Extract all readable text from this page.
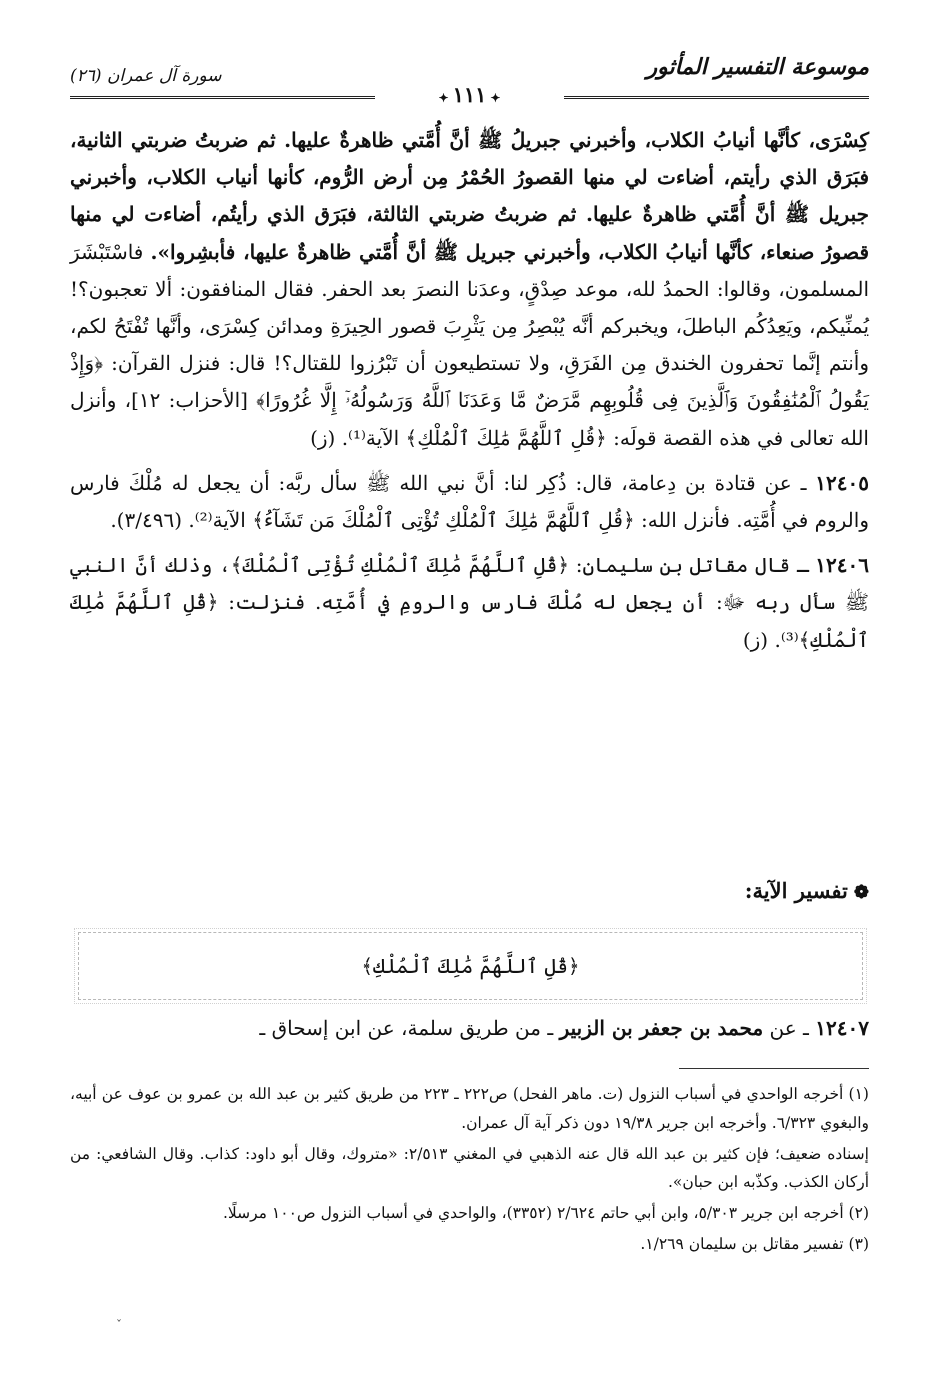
موسوعة التفسير المأثور
سورة آل عمران (٢٦)
✦١١١✦

كِسْرَى، كأنَّها أنيابُ الكلاب، وأخبرني جبريلُ ﷺ أنَّ أُمَّتي ظاهرةٌ عليها. ثم ضربتُ ضربتي الثانية، فبَرَق الذي رأيتم، أضاءت لي منها القصورُ الحُمْرُ مِن أرض الرُّوم، كأنها أنياب الكلاب، وأخبرني جبريل ﷺ أنَّ أُمَّتي ظاهرةٌ عليها. ثم ضربتُ ضربتي الثالثة، فبَرَق الذي رأيتُم، أضاءت لي منها قصورُ صنعاء، كأنَّها أنيابُ الكلاب، وأخبرني جبريل ﷺ أنَّ أُمَّتي ظاهرةٌ عليها، فأبشِروا». فاسْتَبْشَرَ المسلمون، وقالوا: الحمدُ لله، موعد صِدْقٍ، وعدَنا النصرَ بعد الحفر. فقال المنافقون: ألا تعجبون؟! يُمنِّيكم، ويَعِدُكُم الباطلَ، ويخبركم أنَّه يُبْصِرُ مِن يَثْرِبَ قصور الحِيرَةِ ومدائن كِسْرَى، وأنَّها تُفْتَحُ لكم، وأنتم إنَّما تحفرون الخندق مِن الفَرَقِ، ولا تستطيعون أن تَبْرُزوا للقتال؟! قال: فنزل القرآن: ﴿وَإِذْ يَقُولُ ٱلْمُنَٰفِقُونَ وَٱلَّذِينَ فِى قُلُوبِهِم مَّرَضٌ مَّا وَعَدَنَا ٱللَّهُ وَرَسُولُهُۥٓ إِلَّا غُرُورًا﴾ [الأحزاب: ١٢]، وأنزل الله تعالى في هذه القصة قولَه: ﴿قُلِ ٱللَّهُمَّ مَٰلِكَ ٱلْمُلْكِ﴾ الآية⁽¹⁾. (ز)

١٢٤٠٥ ـ عن قتادة بن دِعامة، قال: ذُكِر لنا: أنَّ نبي الله ﷺ سأل ربَّه: أن يجعل له مُلْكَ فارس والروم في أُمَّتِه. فأنزل الله: ﴿قُلِ ٱللَّهُمَّ مَٰلِكَ ٱلْمُلْكِ تُؤْتِى ٱلْمُلْكَ مَن تَشَآءُ﴾ الآية⁽²⁾. (٣/٤٩٦).

١٢٤٠٦ ـ قال مقاتل بن سليمان: ﴿قُلِ ٱللَّهُمَّ مَٰلِكَ ٱلْمُلْكِ تُؤْتِى ٱلْمُلْكَ﴾، وذلك أنَّ النبي ﷺ سأل ربه ﷻ: أن يجعل له مُلْكَ فارس والرومِ في أُمَّتِه. فنزلت: ﴿قُلِ ٱللَّهُمَّ مَٰلِكَ ٱلْمُلْكِ﴾⁽³⁾. (ز)

❁تفسير الآية:
﴿قُلِ ٱللَّهُمَّ مَٰلِكَ ٱلْمُلْكِ﴾
١٢٤٠٧ ـ عن محمد بن جعفر بن الزبير ـ من طريق سلمة، عن ابن إسحاق ـ

(١) أخرجه الواحدي في أسباب النزول (ت. ماهر الفحل) ص٢٢٢ ـ ٢٢٣ من طريق كثير بن عبد الله بن عمرو بن عوف عن أبيه، والبغوي ٦/٣٢٣. وأخرجه ابن جرير ١٩/٣٨ دون ذكر آية آل عمران.

إسناده ضعيف؛ فإن كثير بن عبد الله قال عنه الذهبي في المغني ٢/٥١٣: «متروك، وقال أبو داود: كذاب. وقال الشافعي: من أركان الكذب. وكذّبه ابن حبان».

(٢) أخرجه ابن جرير ٥/٣٠٣، وابن أبي حاتم ٢/٦٢٤ (٣٣٥٢)، والواحدي في أسباب النزول ص١٠٠ مرسلًا.

(٣) تفسير مقاتل بن سليمان ١/٢٦٩.

ˇ
